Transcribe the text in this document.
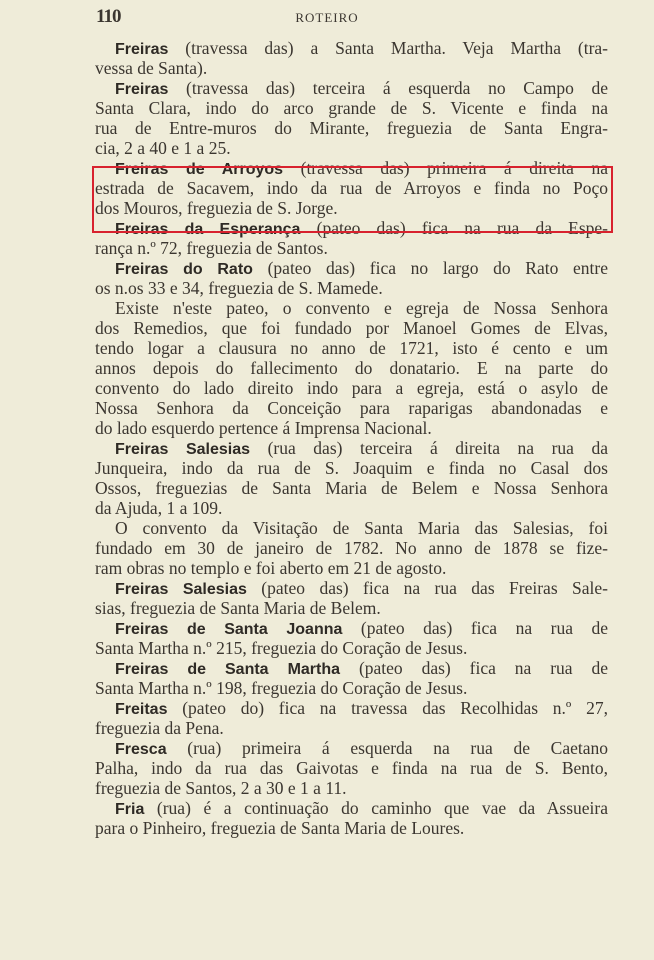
110	ROTEIRO
Freiras (travessa das) a Santa Martha. Veja Martha (tra-
vessa de Santa).
Freiras (travessa das) terceira á esquerda no Campo de
Santa Clara, indo do arco grande de S. Vicente e finda na
rua de Entre-muros do Mirante, freguezia de Santa Engra-
cia, 2 a 40 e 1 a 25.
Freiras de Arroyos (travessa das) primeira á direita na
estrada de Sacavem, indo da rua de Arroyos e finda no Poço
dos Mouros, freguezia de S. Jorge.
Freiras da Esperança (pateo das) fica na rua da Espe-
rança n.º 72, freguezia de Santos.
Freiras do Rato (pateo das) fica no largo do Rato entre
os n.os 33 e 34, freguezia de S. Mamede.
Existe n'este pateo, o convento e egreja de Nossa Senhora
dos Remedios, que foi fundado por Manoel Gomes de Elvas,
tendo logar a clausura no anno de 1721, isto é cento e um
annos depois do fallecimento do donatario. E na parte do
convento do lado direito indo para a egreja, está o asylo de
Nossa Senhora da Conceição para raparigas abandonadas e
do lado esquerdo pertence á Imprensa Nacional.
Freiras Salesias (rua das) terceira á direita na rua da
Junqueira, indo da rua de S. Joaquim e finda no Casal dos
Ossos, freguezias de Santa Maria de Belem e Nossa Senhora
da Ajuda, 1 a 109.
O convento da Visitação de Santa Maria das Salesias, foi
fundado em 30 de janeiro de 1782. No anno de 1878 se fize-
ram obras no templo e foi aberto em 21 de agosto.
Freiras Salesias (pateo das) fica na rua das Freiras Sale-
sias, freguezia de Santa Maria de Belem.
Freiras de Santa Joanna (pateo das) fica na rua de
Santa Martha n.º 215, freguezia do Coração de Jesus.
Freiras de Santa Martha (pateo das) fica na rua de
Santa Martha n.º 198, freguezia do Coração de Jesus.
Freitas (pateo do) fica na travessa das Recolhidas n.º 27,
freguezia da Pena.
Fresca (rua) primeira á esquerda na rua de Caetano
Palha, indo da rua das Gaivotas e finda na rua de S. Bento,
freguezia de Santos, 2 a 30 e 1 a 11.
Fria (rua) é a continuação do caminho que vae da Assueira
para o Pinheiro, freguezia de Santa Maria de Loures.
